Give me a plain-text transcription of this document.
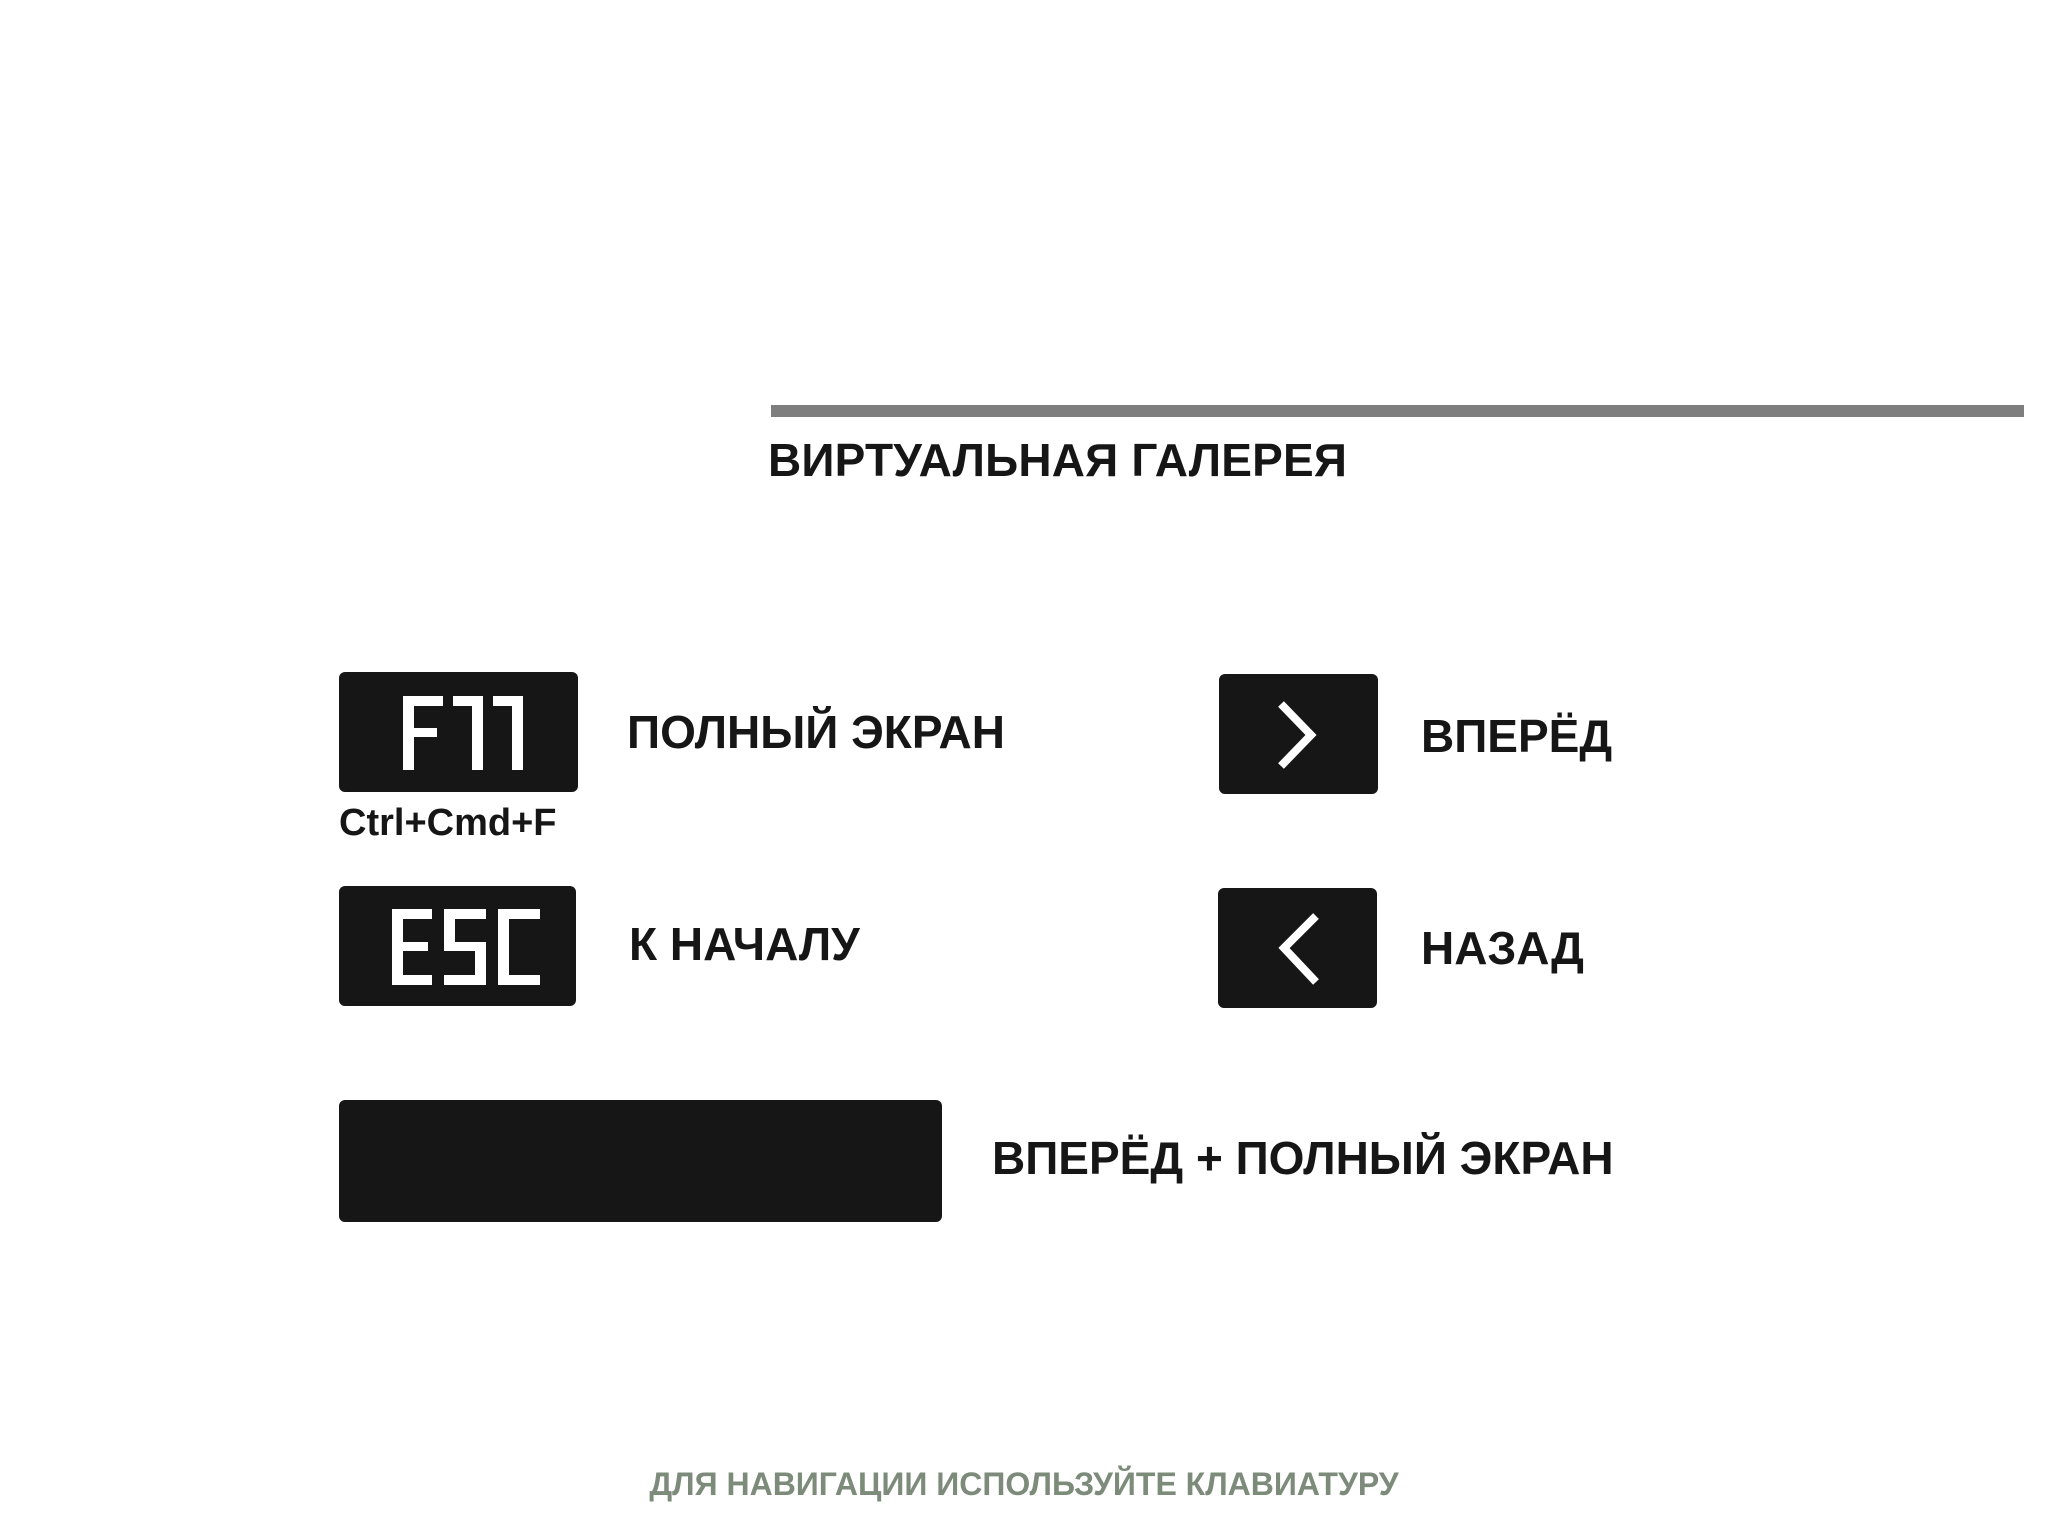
ВИРТУАЛЬНАЯ ГАЛЕРЕЯ
ПОЛНЫЙ ЭКРАН
Ctrl+Cmd+F
К НАЧАЛУ
ВПЕРЁД
НАЗАД
ВПЕРЁД + ПОЛНЫЙ ЭКРАН
ДЛЯ НАВИГАЦИИ ИСПОЛЬЗУЙТЕ КЛАВИАТУРУ
